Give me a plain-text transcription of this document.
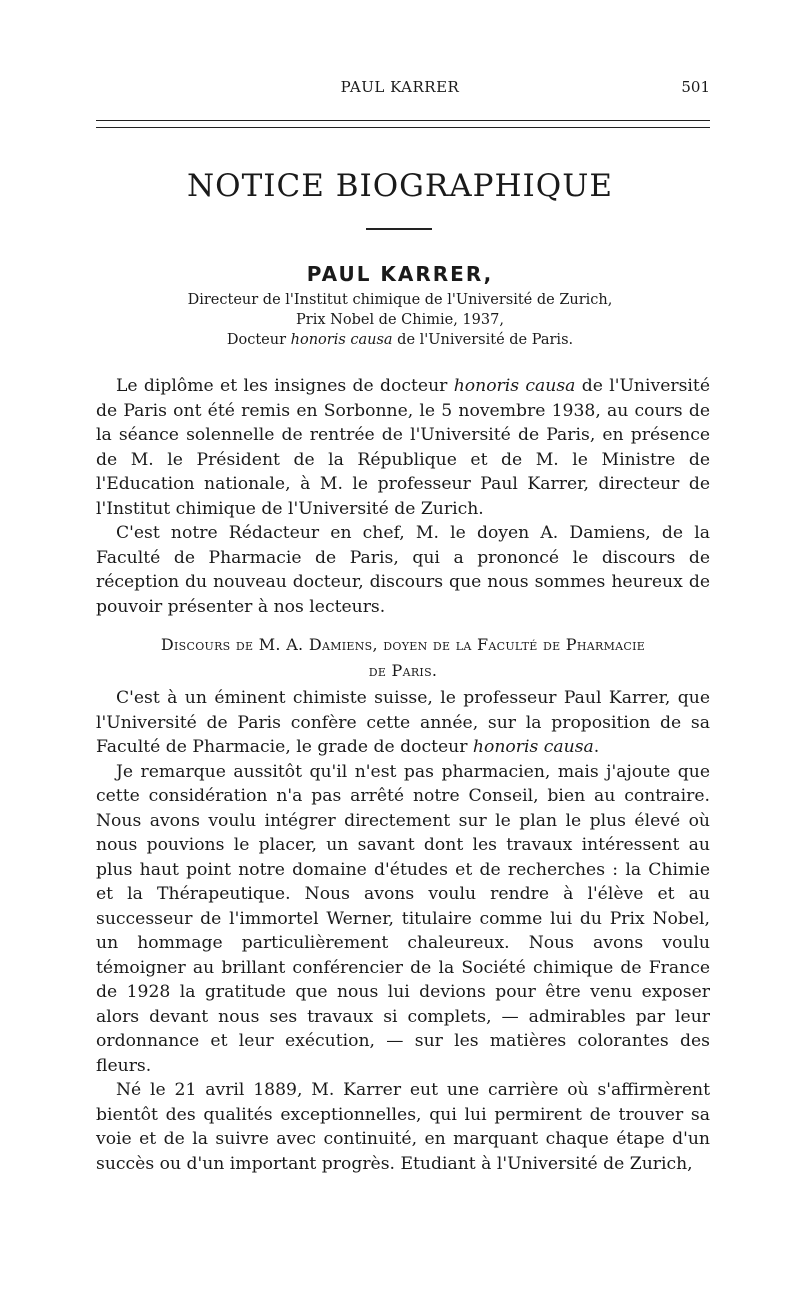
PAUL KARRER	501
NOTICE BIOGRAPHIQUE
PAUL KARRER,
Directeur de l'Institut chimique de l'Université de Zurich,
Prix Nobel de Chimie, 1937,
Docteur honoris causa de l'Université de Paris.

Le diplôme et les insignes de docteur honoris causa de l'Université de Paris ont été remis en Sorbonne, le 5 novembre 1938, au cours de la séance solennelle de rentrée de l'Université de Paris, en présence de M. le Président de la République et de M. le Ministre de l'Education nationale, à M. le professeur Paul Karrer, directeur de l'Institut chimique de l'Université de Zurich.

C'est notre Rédacteur en chef, M. le doyen A. Damiens, de la Faculté de Pharmacie de Paris, qui a prononcé le discours de réception du nouveau docteur, discours que nous sommes heureux de pouvoir présenter à nos lecteurs.

Discours de M. A. Damiens, doyen de la Faculté de Pharmacie
de Paris.

C'est à un éminent chimiste suisse, le professeur Paul Karrer, que l'Université de Paris confère cette année, sur la proposition de sa Faculté de Pharmacie, le grade de docteur honoris causa.

Je remarque aussitôt qu'il n'est pas pharmacien, mais j'ajoute que cette considération n'a pas arrêté notre Conseil, bien au contraire. Nous avons voulu intégrer directement sur le plan le plus élevé où nous pouvions le placer, un savant dont les travaux intéressent au plus haut point notre domaine d'études et de recherches : la Chimie et la Thérapeutique. Nous avons voulu rendre à l'élève et au successeur de l'immortel Werner, titulaire comme lui du Prix Nobel, un hommage particulièrement chaleureux. Nous avons voulu témoigner au brillant conférencier de la Société chimique de France de 1928 la gratitude que nous lui devions pour être venu exposer alors devant nous ses travaux si complets, — admirables par leur ordonnance et leur exécution, — sur les matières colorantes des fleurs.

Né le 21 avril 1889, M. Karrer eut une carrière où s'affirmèrent bientôt des qualités exceptionnelles, qui lui permirent de trouver sa voie et de la suivre avec continuité, en marquant chaque étape d'un succès ou d'un important progrès. Etudiant à l'Université de Zurich,
